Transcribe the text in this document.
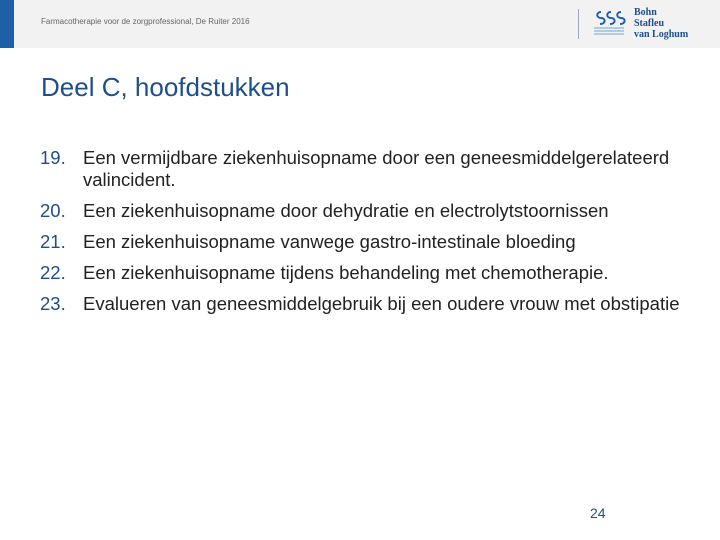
Farmacotherapie voor de zorgprofessional, De Ruiter 2016
Bohn
Stafleu
van Loghum
Deel C, hoofdstukken
19. Een vermijdbare ziekenhuisopname door een geneesmiddelgerelateerd valincident.
20. Een ziekenhuisopname door dehydratie en electrolytstoornissen
21. Een ziekenhuisopname vanwege gastro-intestinale bloeding
22. Een ziekenhuisopname tijdens behandeling met chemotherapie.
23. Evalueren van geneesmiddelgebruik bij een oudere vrouw met obstipatie
24
